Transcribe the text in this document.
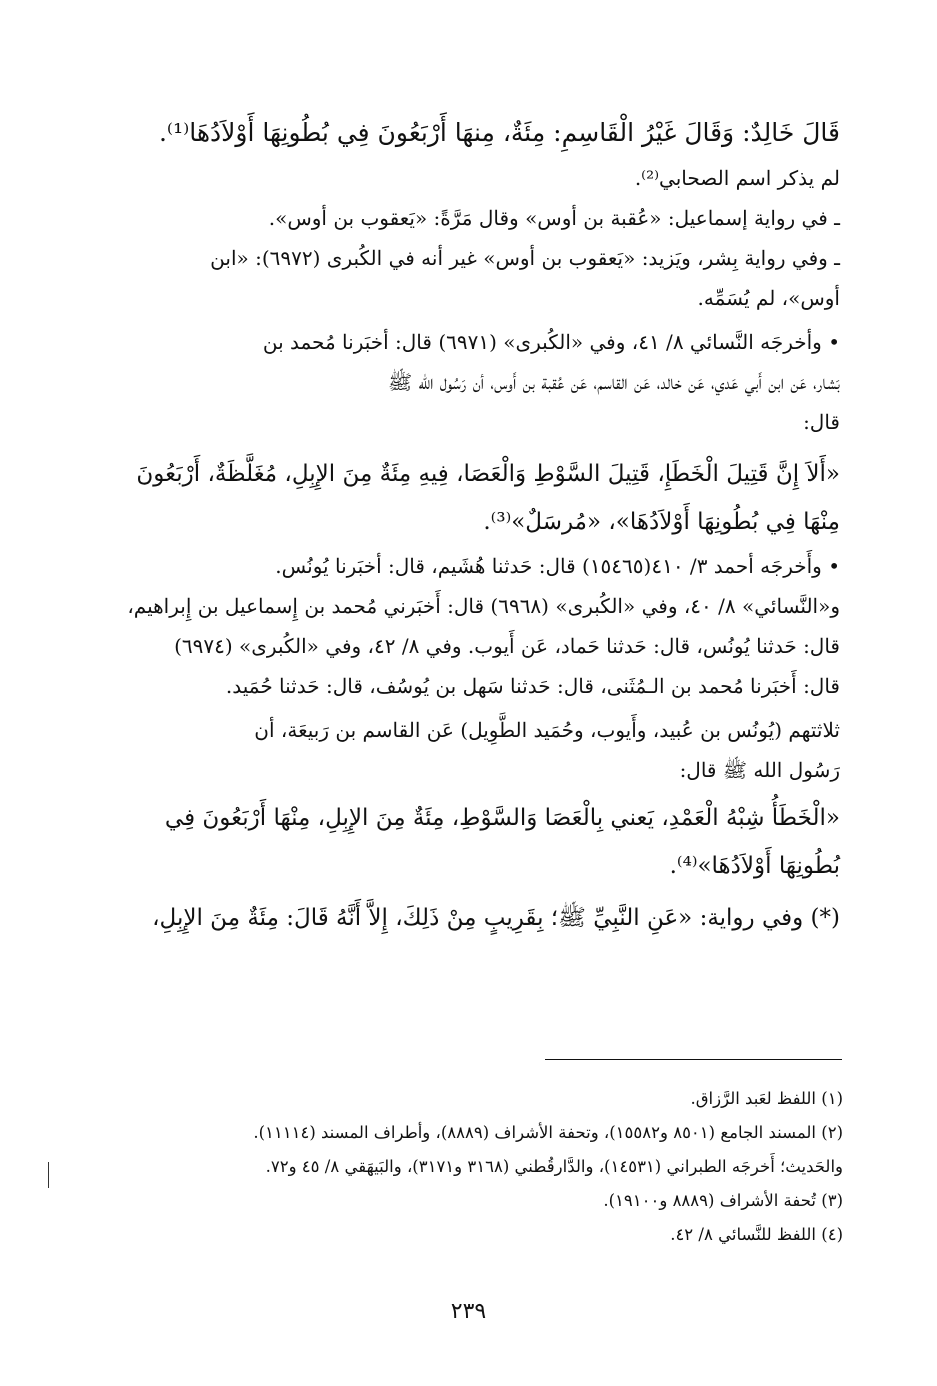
قَالَ خَالِدٌ: وَقَالَ غَيْرُ الْقَاسِمِ: مِئَةٌ، مِنهَا أَرْبَعُونَ فِي بُطُونِهَا أَوْلاَدُهَا⁽¹⁾.

لم يذكر اسم الصحابي⁽²⁾.

ـ في رواية إسماعيل: «عُقبة بن أوس» وقال مَرَّةً: «يَعقوب بن أوس».

ـ وفي رواية بِشر، ويَزيد: «يَعقوب بن أوس» غير أنه في الكُبرى (٦٩٧٢): «ابن

أوس»، لم يُسَمِّه.

• وأخرجَه النَّسائي ٨/ ٤١، وفي «الكُبرى» (٦٩٧١) قال: أخبَرنا مُحمد بن

بَشار، عَن ابن أَبي عَدي، عَن خالد، عَن القاسم، عَن عُقبة بن أَوس، أن رَسُول الله ﷺ

قال:

«أَلاَ إِنَّ قَتِيلَ الْخَطَإِ، قَتِيلَ السَّوْطِ وَالْعَصَا، فِيهِ مِئَةٌ مِنَ الإِبِلِ، مُغَلَّظَةٌ، أَرْبَعُونَ

مِنْهَا فِي بُطُونِهَا أَوْلاَدُهَا»، «مُرسَلٌ»⁽³⁾.

• وأَخرجَه أحمد ٣/ ٤١٠(١٥٤٦٥) قال: حَدثنا هُشَيم، قال: أخبَرنا يُونُس.

و«النَّسائي» ٨/ ٤٠، وفي «الكُبرى» (٦٩٦٨) قال: أَخبَرني مُحمد بن إِسماعيل بن إِبراهيم،

قال: حَدثنا يُونُس، قال: حَدثنا حَماد، عَن أَيوب. وفي ٨/ ٤٢، وفي «الكُبرى» (٦٩٧٤)

قال: أَخبَرنا مُحمد بن الـمُثَنى، قال: حَدثنا سَهل بن يُوسُف، قال: حَدثنا حُمَيد.

ثلاثتهم (يُونُس بن عُبيد، وأَيوب، وحُمَيد الطَّوِيل) عَن القاسم بن رَبيعَة، أن

رَسُول الله ﷺ قال:

«الْخَطَأُ شِبْهُ الْعَمْدِ، يَعني بِالْعَصَا وَالسَّوْطِ، مِئَةٌ مِنَ الإِبِلِ، مِنْهَا أَرْبَعُونَ فِي

بُطُونِهَا أَوْلاَدُهَا»⁽⁴⁾.

(*) وفي رواية: «عَنِ النَّبِيِّ ﷺ؛ بِقَرِيبٍ مِنْ ذَلِكَ، إِلاَّ أَنَّهُ قَالَ: مِئَةٌ مِنَ الإِبِلِ،

(١) اللفظ لعَبد الرَّزاق.

(٢) المسند الجامع (٨٥٠١ و١٥٥٨٢)، وتحفة الأشراف (٨٨٨٩)، وأطراف المسند (١١١١٤).

والحَديث؛ أَخرجَه الطبراني (١٤٥٣١)، والدَّارقُطني (٣١٦٨ و٣١٧١)، والبَيهَقي ٨/ ٤٥ و٧٢.

(٣) تُحفة الأشراف (٨٨٨٩ و١٩١٠٠).

(٤) اللفظ للنَّسائي ٨/ ٤٢.

٢٣٩
